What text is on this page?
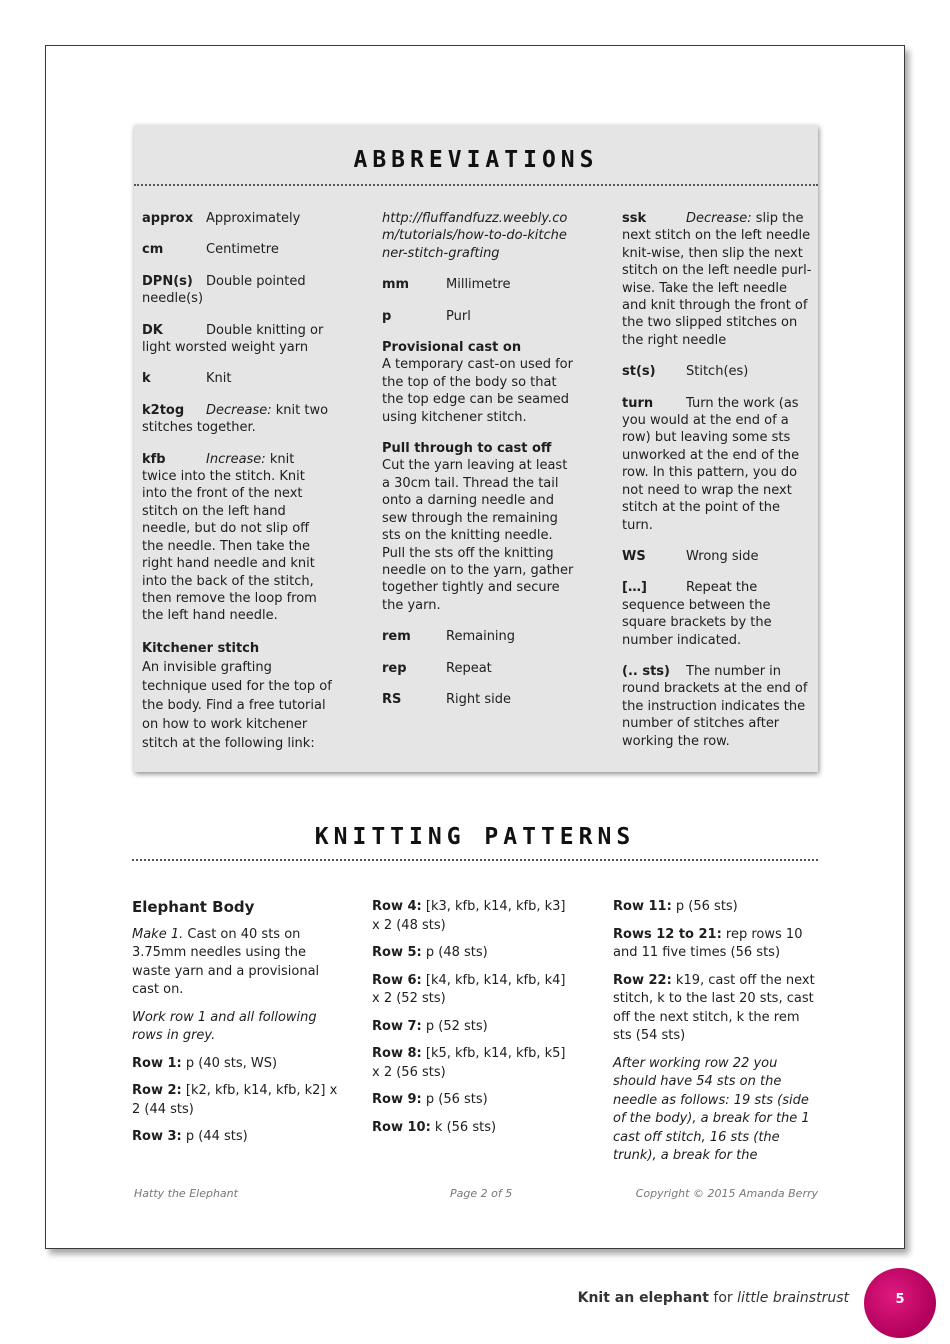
ABBREVIATIONS
approx Approximately
cm	Centimetre
DPN(s) Double pointed needle(s)
DK	Double knitting or light worsted weight yarn
k	Knit
k2tog Decrease: knit two stitches together.
kfb	Increase: knit twice into the stitch. Knit into the front of the next stitch on the left hand needle, but do not slip off the needle. Then take the right hand needle and knit into the back of the stitch, then remove the loop from the left hand needle.
Kitchener stitch
An invisible grafting technique used for the top of the body. Find a free tutorial on how to work kitchener stitch at the following link:
http://fluffandfuzz.weebly.com/tutorials/how-to-do-kitchener-stitch-grafting
mm	Millimetre
p	Purl
Provisional cast on
A temporary cast-on used for the top of the body so that the top edge can be seamed using kitchener stitch.
Pull through to cast off
Cut the yarn leaving at least a 30cm tail. Thread the tail onto a darning needle and sew through the remaining sts on the knitting needle. Pull the sts off the knitting needle on to the yarn, gather together tightly and secure the yarn.
rem	Remaining
rep	Repeat
RS	Right side
ssk	Decrease: slip the next stitch on the left needle knit-wise, then slip the next stitch on the left needle purl-wise. Take the left needle and knit through the front of the two slipped stitches on the right needle
st(s) Stitch(es)
turn	Turn the work (as you would at the end of a row) but leaving some sts unworked at the end of the row. In this pattern, you do not need to wrap the next stitch at the point of the turn.
WS	Wrong side
[…]	Repeat the sequence between the square brackets by the number indicated.
(.. sts) The number in round brackets at the end of the instruction indicates the number of stitches after working the row.
KNITTING PATTERNS

Elephant Body

Make 1. Cast on 40 sts on 3.75mm needles using the waste yarn and a provisional cast on.

Work row 1 and all following rows in grey.

Row 1: p (40 sts, WS)

Row 2: [k2, kfb, k14, kfb, k2] x 2 (44 sts)

Row 3: p (44 sts)

Row 4: [k3, kfb, k14, kfb, k3] x 2 (48 sts)

Row 5: p (48 sts)

Row 6: [k4, kfb, k14, kfb, k4] x 2 (52 sts)

Row 7: p (52 sts)

Row 8: [k5, kfb, k14, kfb, k5] x 2 (56 sts)

Row 9: p (56 sts)

Row 10: k (56 sts)

Row 11: p (56 sts)

Rows 12 to 21: rep rows 10 and 11 five times (56 sts)

Row 22: k19, cast off the next stitch, k to the last 20 sts, cast off the next stitch, k the rem sts (54 sts)

After working row 22 you should have 54 sts on the needle as follows: 19 sts (side of the body), a break for the 1 cast off stitch, 16 sts (the trunk), a break for the

Hatty the Elephant	Page 2 of 5	Copyright © 2015 Amanda Berry
Knit an elephant for little brainstrust	5
